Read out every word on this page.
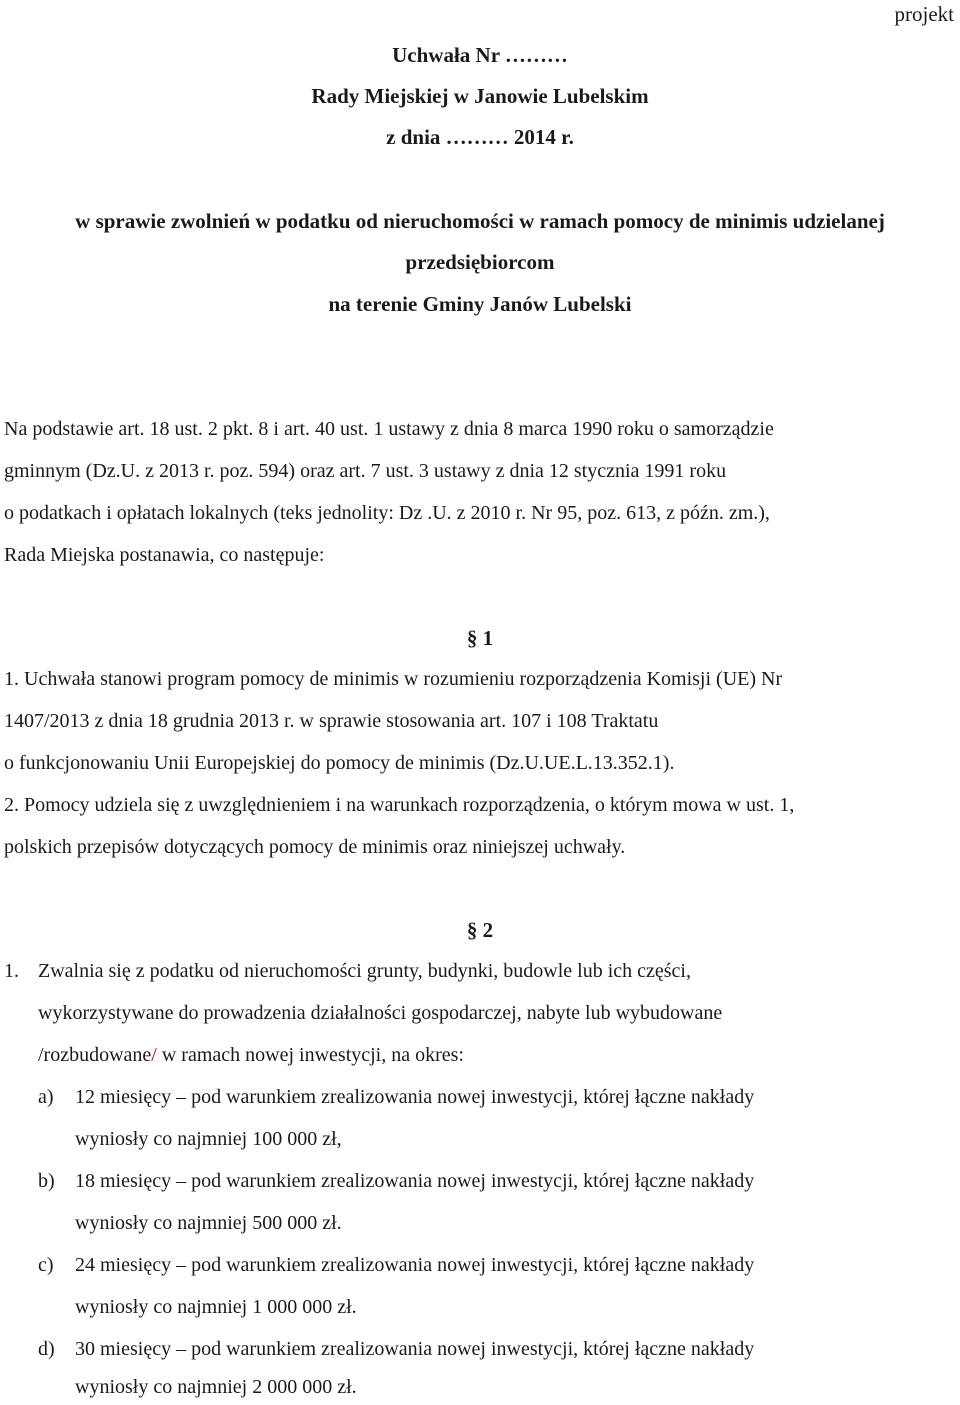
projekt
Uchwała Nr ………
Rady Miejskiej w Janowie Lubelskim
z dnia ……… 2014 r.
w sprawie zwolnień w podatku od nieruchomości w ramach pomocy de minimis udzielanej
przedsiębiorcom
na terenie Gminy Janów Lubelski
Na podstawie art. 18 ust. 2 pkt. 8 i art. 40 ust. 1 ustawy z dnia 8 marca 1990 roku o samorządzie
gminnym (Dz.U. z 2013 r. poz. 594) oraz art. 7 ust. 3 ustawy z dnia 12 stycznia 1991 roku
o podatkach i opłatach lokalnych (teks jednolity: Dz .U. z 2010 r. Nr 95, poz. 613, z późn. zm.),
Rada Miejska postanawia, co następuje:
§ 1
1. Uchwała stanowi program pomocy de minimis w rozumieniu rozporządzenia Komisji (UE) Nr
1407/2013 z dnia 18 grudnia 2013 r. w sprawie stosowania art. 107 i 108 Traktatu
o funkcjonowaniu Unii Europejskiej do pomocy de minimis (Dz.U.UE.L.13.352.1).
2. Pomocy udziela się z uwzględnieniem i na warunkach rozporządzenia, o którym mowa w ust. 1,
polskich przepisów dotyczących pomocy de minimis oraz niniejszej uchwały.
§ 2
1. Zwalnia się z podatku od nieruchomości grunty, budynki, budowle lub ich części,
wykorzystywane do prowadzenia działalności gospodarczej, nabyte lub wybudowane
/rozbudowane/ w ramach nowej inwestycji, na okres:
a) 12 miesięcy – pod warunkiem zrealizowania nowej inwestycji, której łączne nakłady
wyniosły co najmniej 100 000 zł,
b) 18 miesięcy – pod warunkiem zrealizowania nowej inwestycji, której łączne nakłady
wyniosły co najmniej 500 000 zł.
c) 24 miesięcy – pod warunkiem zrealizowania nowej inwestycji, której łączne nakłady
wyniosły co najmniej 1 000 000 zł.
d) 30 miesięcy – pod warunkiem zrealizowania nowej inwestycji, której łączne nakłady
wyniosły co najmniej 2 000 000 zł.
